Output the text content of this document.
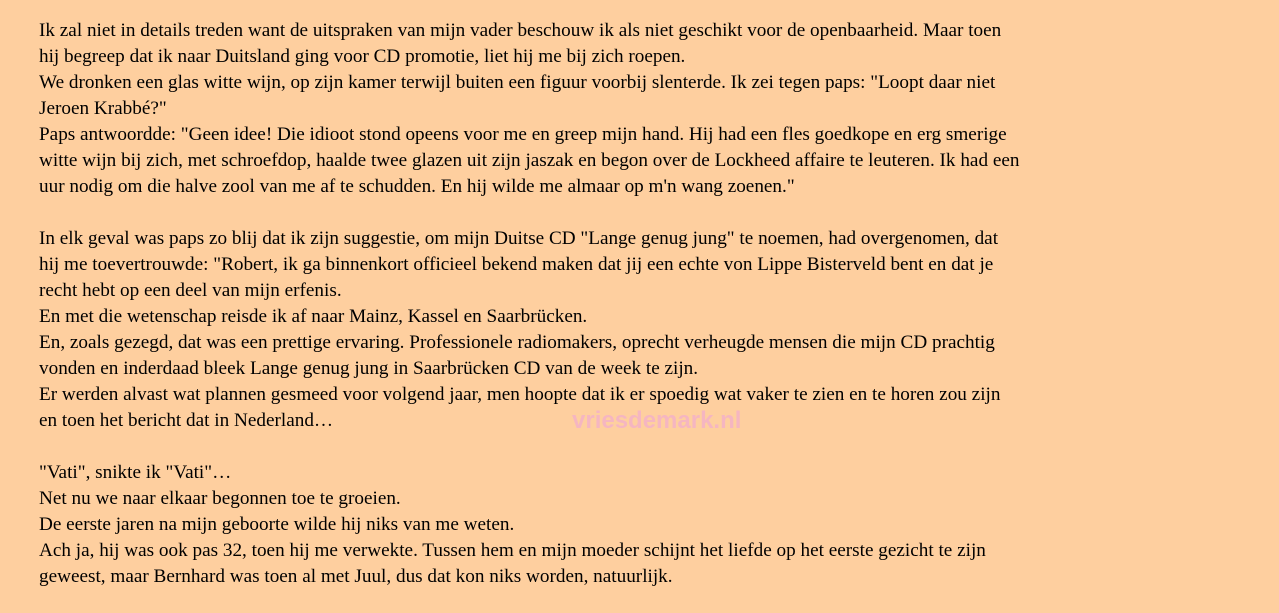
Ik zal niet in details treden want de uitspraken van mijn vader beschouw ik als niet geschikt voor de openbaarheid. Maar toen
hij begreep dat ik naar Duitsland ging voor CD promotie, liet hij me bij zich roepen.
We dronken een glas witte wijn, op zijn kamer terwijl buiten een figuur voorbij slenterde. Ik zei tegen paps: "Loopt daar niet
Jeroen Krabbé?"
Paps antwoordde: "Geen idee! Die idioot stond opeens voor me en greep mijn hand. Hij had een fles goedkope en erg smerige
witte wijn bij zich, met schroefdop, haalde twee glazen uit zijn jaszak en begon over de Lockheed affaire te leuteren. Ik had een
uur nodig om die halve zool van me af te schudden. En hij wilde me almaar op m'n wang zoenen."
In elk geval was paps zo blij dat ik zijn suggestie, om mijn Duitse CD "Lange genug jung" te noemen, had overgenomen, dat
hij me toevertrouwde: "Robert, ik ga binnenkort officieel bekend maken dat jij een echte von Lippe Bisterveld bent en dat je
recht hebt op een deel van mijn erfenis.
En met die wetenschap reisde ik af naar Mainz, Kassel en Saarbrücken.
En, zoals gezegd, dat was een prettige ervaring. Professionele radiomakers, oprecht verheugde mensen die mijn CD prachtig
vonden en inderdaad bleek Lange genug jung in Saarbrücken CD van de week te zijn.
Er werden alvast wat plannen gesmeed voor volgend jaar, men hoopte dat ik er spoedig wat vaker te zien en te horen zou zijn
en toen het bericht dat in Nederland…
"Vati", snikte ik "Vati"…
Net nu we naar elkaar begonnen toe te groeien.
De eerste jaren na mijn geboorte wilde hij niks van me weten.
Ach ja, hij was ook pas 32, toen hij me verwekte. Tussen hem en mijn moeder schijnt het liefde op het eerste gezicht te zijn
geweest, maar Bernhard was toen al met Juul, dus dat kon niks worden, natuurlijk.
vriesdemark.nl
